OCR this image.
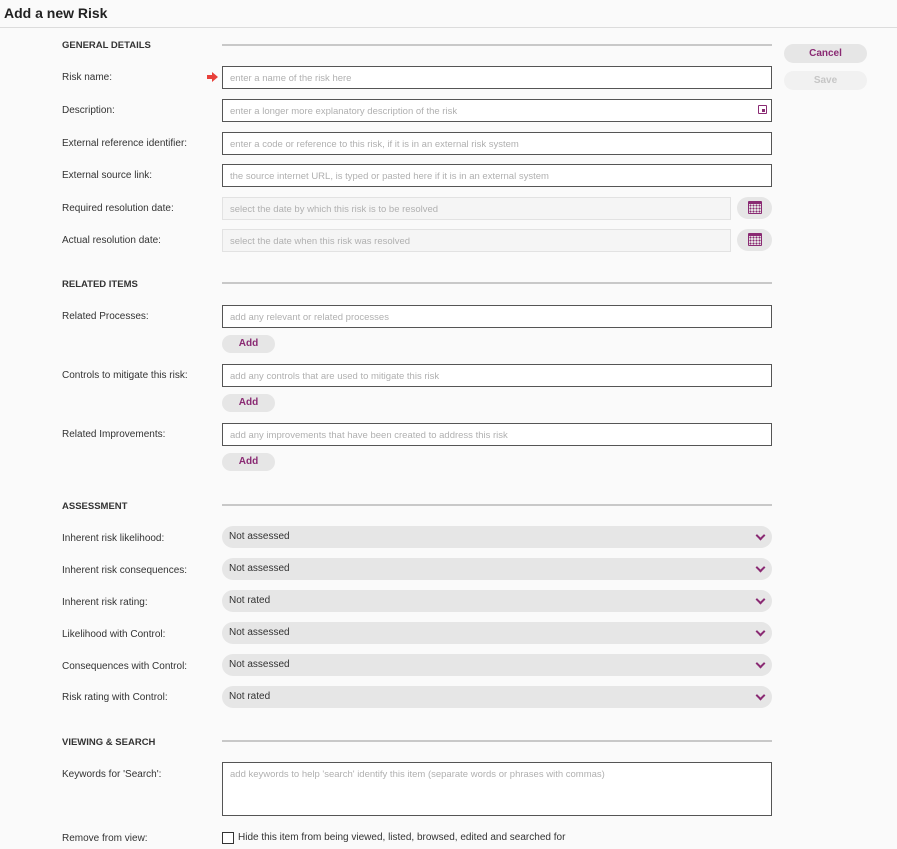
Add a new Risk
Cancel
Save
GENERAL DETAILS
Risk name:	enter a name of the risk here
Description:	enter a longer more explanatory description of the risk
External reference identifier:	enter a code or reference to this risk, if it is in an external risk system
External source link:	the source internet URL, is typed or pasted here if it is in an external system
Required resolution date:	select the date by which this risk is to be resolved
Actual resolution date:	select the date when this risk was resolved
RELATED ITEMS
Related Processes:	add any relevant or related processes
Add
Controls to mitigate this risk:	add any controls that are used to mitigate this risk
Add
Related Improvements:	add any improvements that have been created to address this risk
Add
ASSESSMENT
Inherent risk likelihood:	Not assessed
Inherent risk consequences:	Not assessed
Inherent risk rating:	Not rated
Likelihood with Control:	Not assessed
Consequences with Control:	Not assessed
Risk rating with Control:	Not rated
VIEWING & SEARCH
Keywords for 'Search':	add keywords to help 'search' identify this item (separate words or phrases with commas)
Remove from view:	Hide this item from being viewed, listed, browsed, edited and searched for
